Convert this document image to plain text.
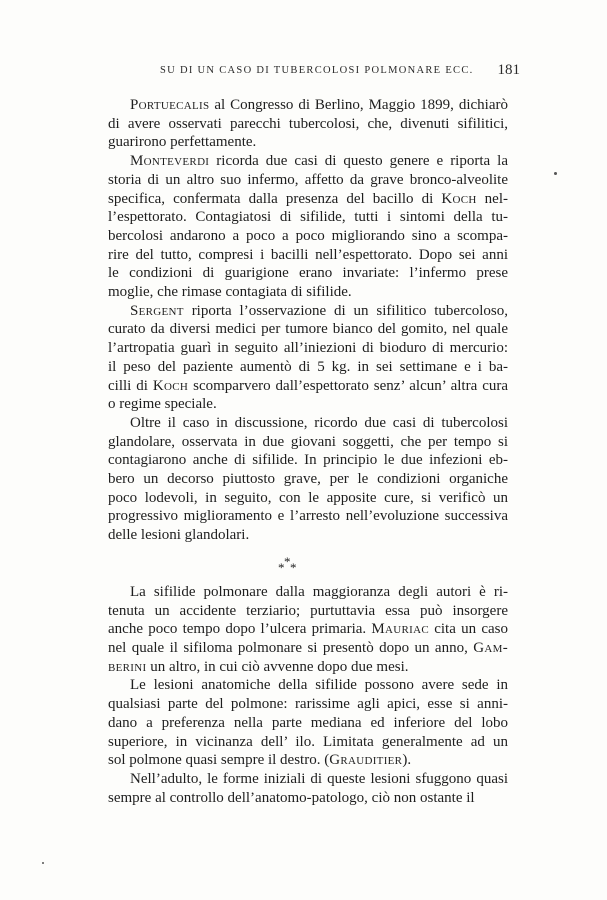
SU DI UN CASO DI TUBERCOLOSI POLMONARE ECC. 181

Portuecalis al Congresso di Berlino, Maggio 1899, dichiarò
di avere osservati parecchi tubercolosi, che, divenuti sifilitici,
guarirono perfettamente.

Monteverdi ricorda due casi di questo genere e riporta la
storia di un altro suo infermo, affetto da grave bronco-alveolite
specifica, confermata dalla presenza del bacillo di Koch nel-
l’espettorato. Contagiatosi di sifilide, tutti i sintomi della tu-
bercolosi andarono a poco a poco migliorando sino a scompa-
rire del tutto, compresi i bacilli nell’espettorato. Dopo sei anni
le condizioni di guarigione erano invariate: l’infermo prese
moglie, che rimase contagiata di sifilide.

Sergent riporta l’osservazione di un sifilitico tubercoloso,
curato da diversi medici per tumore bianco del gomito, nel quale
l’artropatia guarì in seguito all’iniezioni di bioduro di mercurio:
il peso del paziente aumentò di 5 kg. in sei settimane e i ba-
cilli di Koch scomparvero dall’espettorato senz’ alcun’ altra cura
o regime speciale.

Oltre il caso in discussione, ricordo due casi di tubercolosi
glandolare, osservata in due giovani soggetti, che per tempo si
contagiarono anche di sifilide. In principio le due infezioni eb-
bero un decorso piuttosto grave, per le condizioni organiche
poco lodevoli, in seguito, con le apposite cure, si verificò un
progressivo miglioramento e l’arresto nell’evoluzione successiva
delle lesioni glandolari.

*
* *

La sifilide polmonare dalla maggioranza degli autori è ri-
tenuta un accidente terziario; purtuttavia essa può insorgere
anche poco tempo dopo l’ulcera primaria. Mauriac cita un caso
nel quale il sifiloma polmonare si presentò dopo un anno, Gam-
berini un altro, in cui ciò avvenne dopo due mesi.

Le lesioni anatomiche della sifilide possono avere sede in
qualsiasi parte del polmone: rarissime agli apici, esse si anni-
dano a preferenza nella parte mediana ed inferiore del lobo
superiore, in vicinanza dell’ ilo. Limitata generalmente ad un
sol polmone quasi sempre il destro. (Grauditier).

Nell’adulto, le forme iniziali di queste lesioni sfuggono quasi
sempre al controllo dell’anatomo-patologo, ciò non ostante il
